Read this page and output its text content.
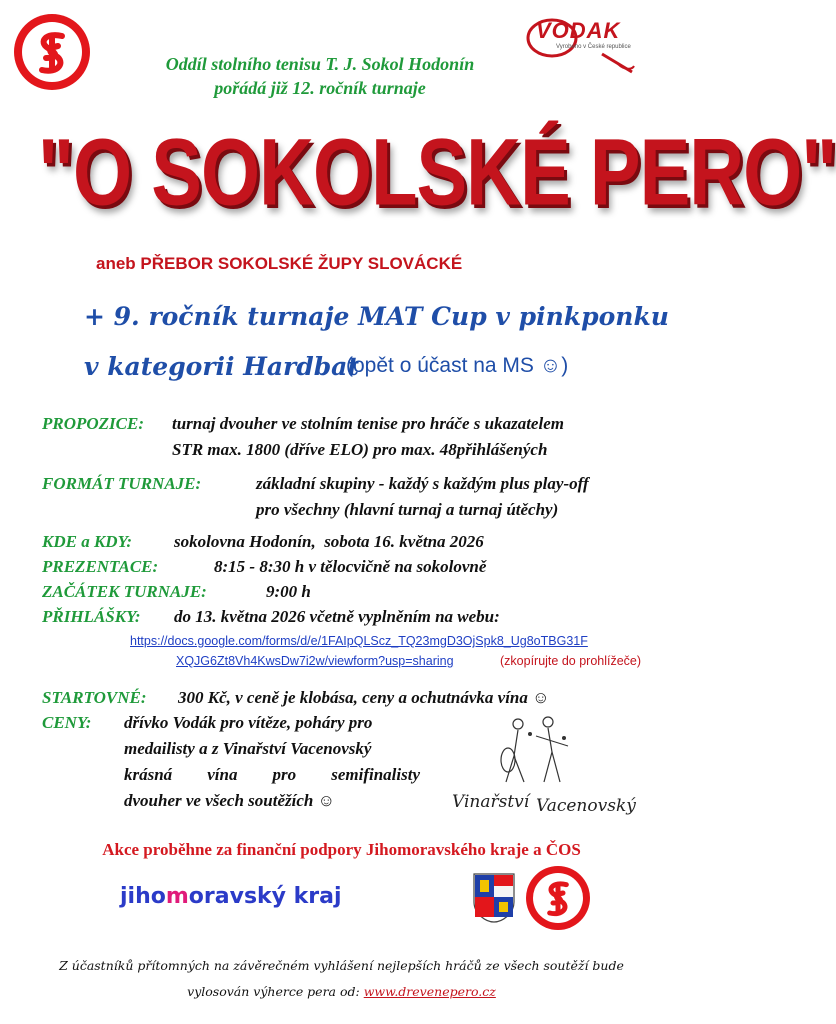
Oddíl stolního tenisu T. J. Sokol Hodonín
pořádá již 12. ročník turnaje
VODAK
Vyrobeno v České republice
"O SOKOLSKÉ PERO"
aneb PŘEBOR SOKOLSKÉ ŽUPY SLOVÁCKÉ
+ 9. ročník turnaje MAT Cup v pinkponku
v kategorii Hardbat
(opět o účast na MS ☺)
PROPOZICE: turnaj dvouher ve stolním tenise pro hráče s ukazatelem
STR max. 1800 (dříve ELO) pro max. 48přihlášených
FORMÁT TURNAJE:	základní skupiny - každý s každým plus play-off
pro všechny (hlavní turnaj a turnaj útěchy)
KDE a KDY: sokolovna Hodonín,  sobota 16. května 2026
PREZENTACE:	8:15 - 8:30 h v tělocvičně na sokolovně
ZAČÁTEK TURNAJE:	9:00 h
PŘIHLÁŠKY: do 13. května 2026 včetně vyplněním na webu:
https://docs.google.com/forms/d/e/1FAIpQLScz_TQ23mgD3OjSpk8_Ug8oTBG31F
XQJG6Zt8Vh4KwsDw7i2w/viewform?usp=sharing	(zkopírujte do prohlížeče)
STARTOVNÉ: 300 Kč, v ceně je klobása, ceny a ochutnávka vína ☺
CENY: dřívko Vodák pro vítěze, poháry pro
medailisty a z Vinařství Vacenovský
krásná vína pro semifinalisty
dvouher ve všech soutěžích ☺	Vinařství Vacenovský
Akce proběhne za finanční podpory Jihomoravského kraje a ČOS
jihomoravský kraj
Z účastníků přítomných na závěrečném vyhlášení nejlepších hráčů ze všech soutěží bude
vylosován výherce pera od: www.drevenepero.cz
